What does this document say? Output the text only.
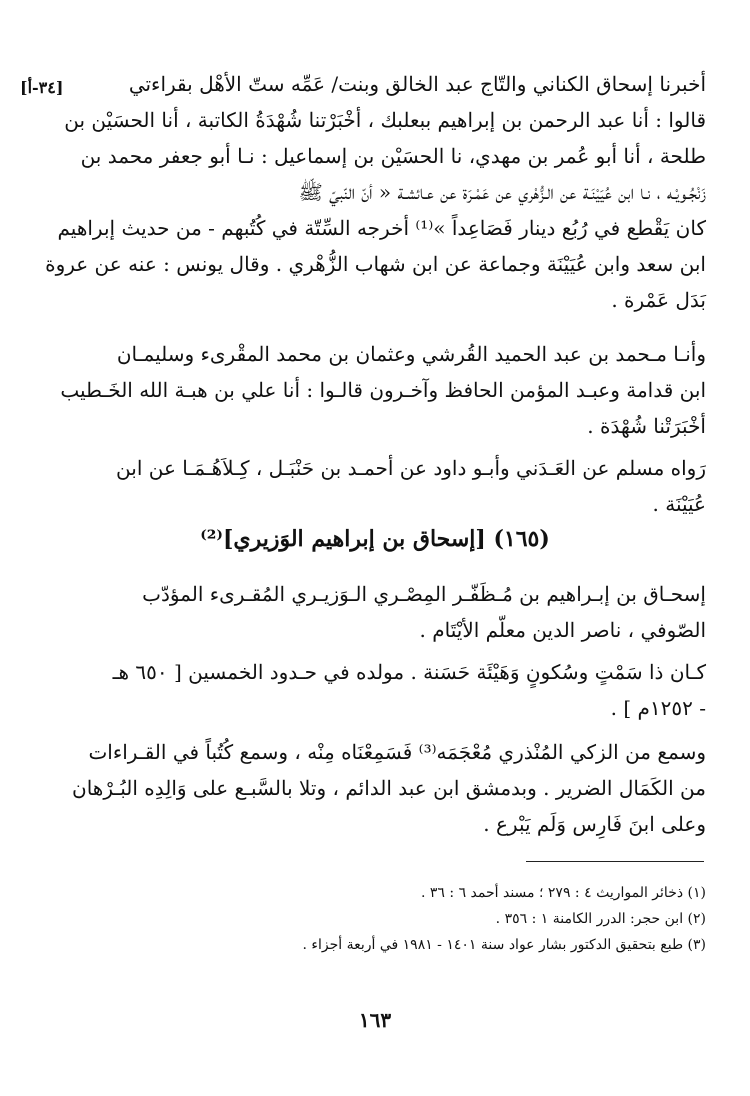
[٣٤-أ]	أخبرنا إسحاق الكناني والتّاج عبد الخالق وبنت/ عَمِّه ستّ الأهْل بقراءتي
قالوا : أنا عبد الرحمن بن إبراهيم ببعلبك ، أخْبَرْتنا شُهْدَةُ الكاتبة ، أنا الحسَيْن بن
طلحة ، أنا أبو عُمر بن مهدي، نا الحسَيْن بن إسماعيل : نـا أبو جعفر محمد بن
زَنْجُـويْـه ، نـا ابن عُيَيْنَـة عن الـزُّهْري عن عَمْـرَة عن عـائشـة « أنّ النّبيّ ﷺ
كان يَقْطع في رُبُع دينار فَصَاعِداً »⁽¹⁾ أخرجه السِّتّة في كُتُبهم - من حديث إبراهيم
ابن سعد وابن عُيَيْنَة وجماعة عن ابن شهاب الزُّهْري . وقال يونس : عنه عن عروة
بَدَل عَمْرة .
وأنـا مـحمد بن عبد الحميد القُرشي وعثمان بن محمد المقْرىء وسليمـان
ابن قدامة وعبـد المؤمن الحافظ وآخـرون قالـوا : أنا علي بن هبـة الله الخَـطيب
أخْبَرَتْنا شُهْدَة .
رَواه مسلم عن العَـدَني وأبـو داود عن أحمـد بن حَنْبَـل ، كِـلاَهُـمَـا عن ابن
عُيَيْنَة .
(١٦٥) [إسحاق بن إبراهيم الوَزيري]⁽²⁾
إسحـاق بن إبـراهيم بن مُـظَفّـر المِصْـري الـوَزيـري المُقـرىء المؤدّب
الصّوفي ، ناصر الدين معلّم الأيْتَام .
كـان ذا سَمْتٍ وسُكونٍ وَهَيْئَة حَسَنة . مولده في حـدود الخمسين [ ٦٥٠ هـ
- ١٢٥٢م ] .
وسمع من الزكي المُنْذري مُعْجَمَه⁽³⁾ فَسَمِعْنَاه مِنْه ، وسمع كُتُباً في القـراءات
من الكَمَال الضرير . وبدمشق ابن عبد الدائم ، وتلا بالسَّبـع على وَالِدِه البُـرْهان
وعلى ابنَ فَارِس وَلَم يَبْرع .
(١) ذخائر المواريث ٤ : ٢٧٩ ؛ مسند أحمد ٦ : ٣٦ .
(٢) ابن حجر: الدرر الكامنة ١ : ٣٥٦ .
(٣) طبع بتحقيق الدكتور بشار عواد سنة ١٤٠١ - ١٩٨١ في أربعة أجزاء .
١٦٣
